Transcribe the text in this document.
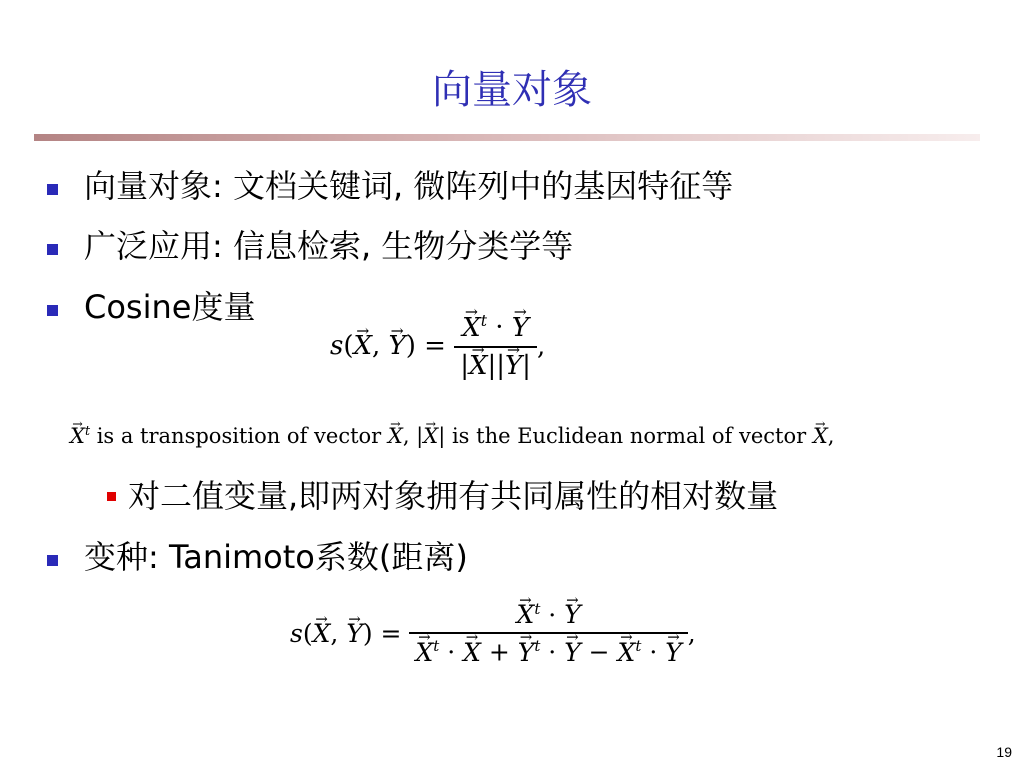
向量对象
向量对象: 文档关键词, 微阵列中的基因特征等
广泛应用: 信息检索, 生物分类学等
Cosine度量
s(→ X, → Y) = → $\frac{X^t \cdot \to Y}{|\to X||\to Y|}$ ,
→ $X^t$ is a transposition of vector → X, |→ X| is the Euclidean normal of vector → X,
对二值变量,即两对象拥有共同属性的相对数量
变种: Tanimoto系数(距离)
s(→ X, → Y) = → $X^t$ · → Y
→ $X^t$ · → X + → $Y^t$ · → Y − → $X^t$ · → Y ,
19
